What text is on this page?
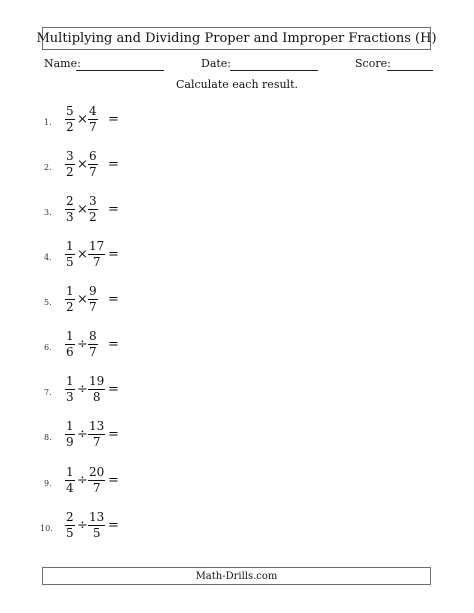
Multiplying and Dividing Proper and Improper Fractions (H)
Name:	Date:	Score:
Calculate each result.
1.
5
2 ×
4
7 =
2.
3
2 ×
6
7 =
3.
2
3 ×
3
2 =
4.
1
5 ×
17
7 =
5.
1
2 ×
9
7 =
6.
1
6 ÷
8
7 =
7.
1
3 ÷
19
8 =
8.
1
9 ÷
13
7 =
9.
1
4 ÷
20
7 =
10.
2
5 ÷
13
5 =
Math-Drills.com
